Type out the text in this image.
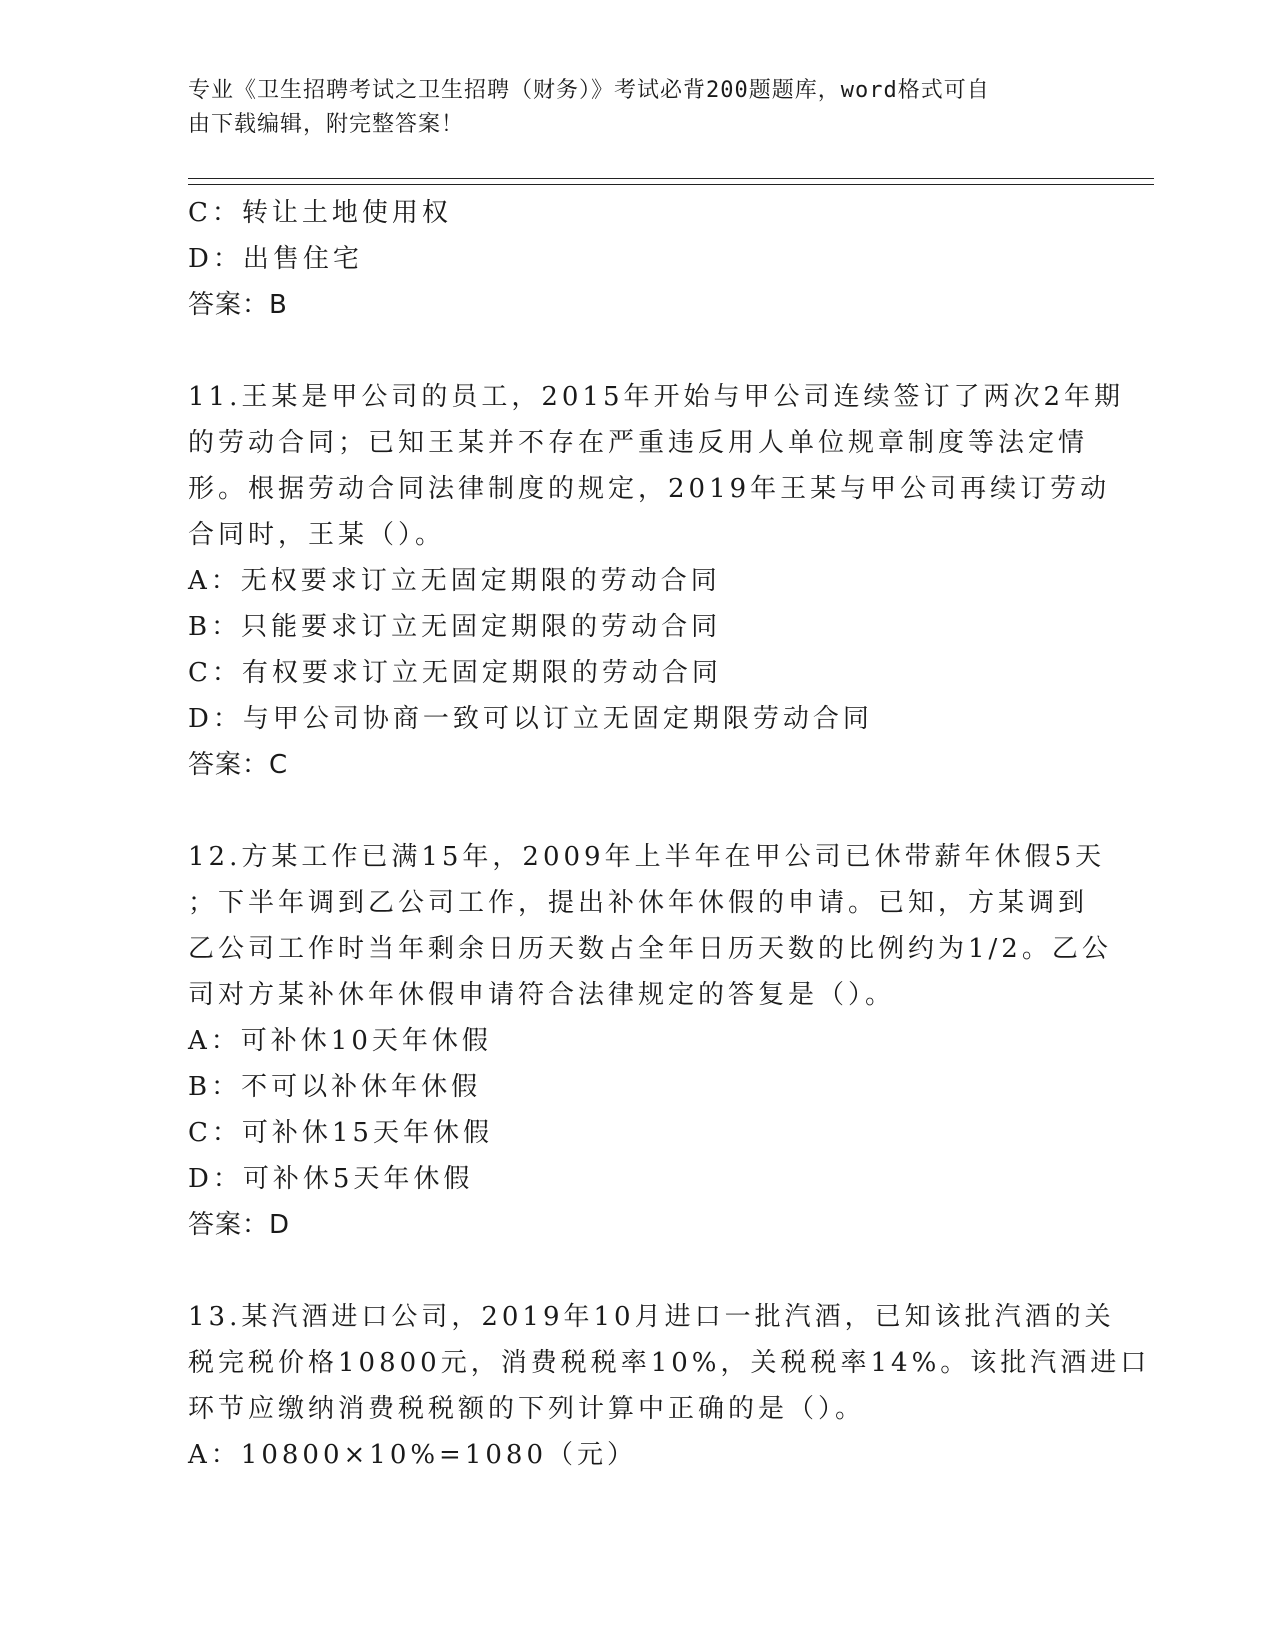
专业《卫生招聘考试之卫生招聘（财务）》考试必背200题题库，word格式可自
由下载编辑，附完整答案！
C：转让土地使用权
D：出售住宅
答案：B
11.王某是甲公司的员工，2015年开始与甲公司连续签订了两次2年期
的劳动合同；已知王某并不存在严重违反用人单位规章制度等法定情
形。根据劳动合同法律制度的规定，2019年王某与甲公司再续订劳动
合同时，王某（）。
A：无权要求订立无固定期限的劳动合同
B：只能要求订立无固定期限的劳动合同
C：有权要求订立无固定期限的劳动合同
D：与甲公司协商一致可以订立无固定期限劳动合同
答案：C
12.方某工作已满15年，2009年上半年在甲公司已休带薪年休假5天
；下半年调到乙公司工作，提出补休年休假的申请。已知，方某调到
乙公司工作时当年剩余日历天数占全年日历天数的比例约为1/2。乙公
司对方某补休年休假申请符合法律规定的答复是（）。
A：可补休10天年休假
B：不可以补休年休假
C：可补休15天年休假
D：可补休5天年休假
答案：D
13.某汽酒进口公司，2019年10月进口一批汽酒，已知该批汽酒的关
税完税价格10800元，消费税税率10%，关税税率14%。该批汽酒进口
环节应缴纳消费税税额的下列计算中正确的是（）。
A：10800×10%=1080（元）
